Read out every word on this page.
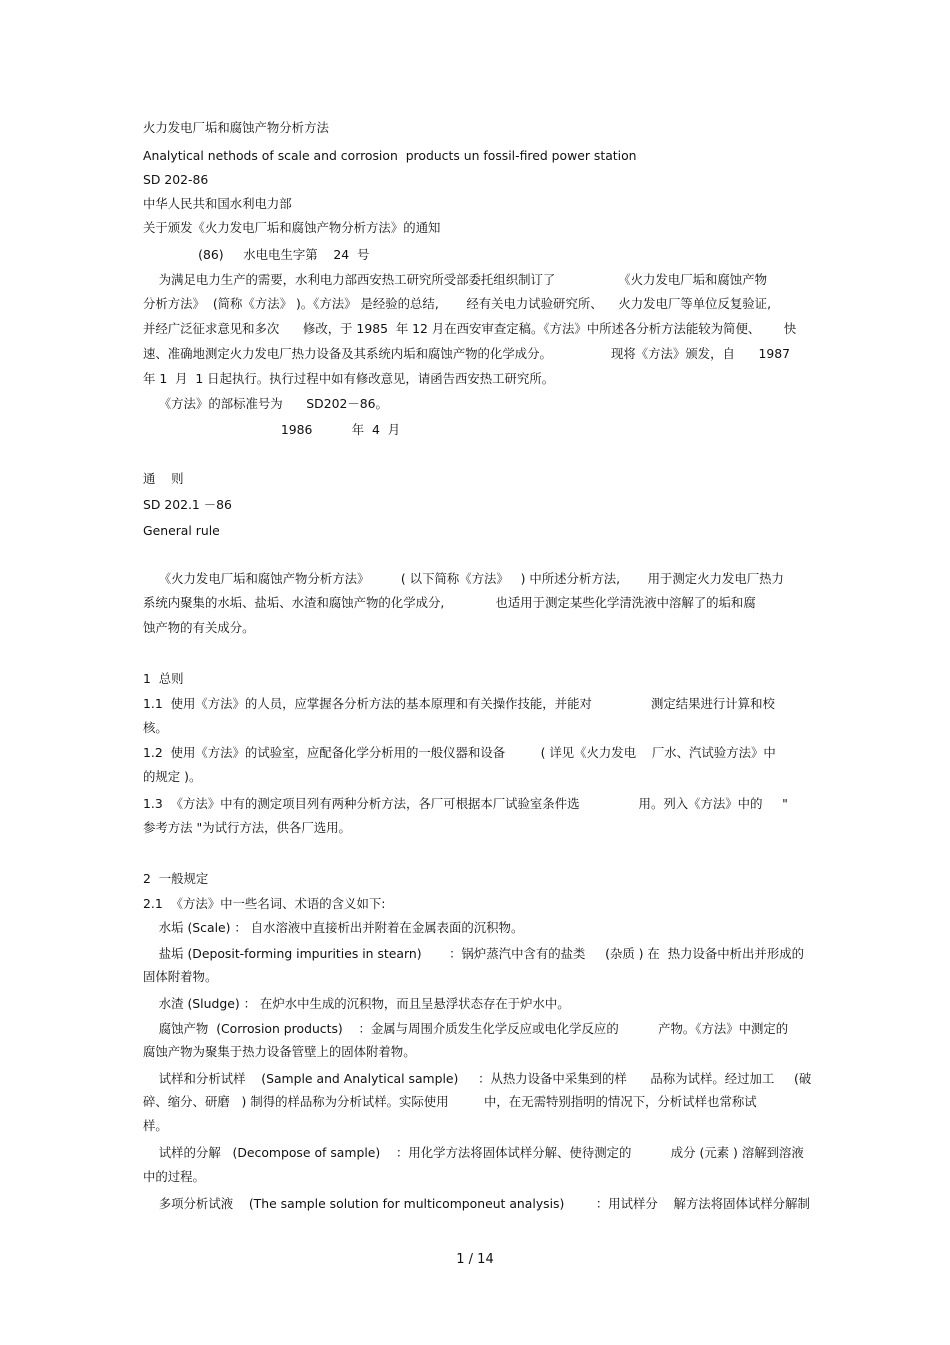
火力发电厂垢和腐蚀产物分析方法
Analytical nethods of scale and corrosion  products un fossil-fired power station
SD 202-86
中华人民共和国水利电力部
关于颁发《火力发电厂垢和腐蚀产物分析方法》的通知
(86)     水电电生字第    24  号
为满足电力生产的需要，水利电力部西安热工研究所受部委托组织制订了                《火力发电厂垢和腐蚀产物
分析方法》  (简称《方法》 )。《方法》 是经验的总结,       经有关电力试验研究所、    火力发电厂等单位反复验证,
并经广泛征求意见和多次      修改，于 1985  年 12 月在西安审查定稿。《方法》中所述各分析方法能较为简便、      快
速、准确地测定火力发电厂热力设备及其系统内垢和腐蚀产物的化学成分。               现将《方法》颁发，自      1987
年 1  月  1 日起执行。执行过程中如有修改意见，请函告西安热工研究所。
《方法》的部标准号为      SD202－86。
1986          年  4  月
通    则
SD 202.1 －86
General rule
《火力发电厂垢和腐蚀产物分析方法》        ( 以下简称《方法》   ) 中所述分析方法,       用于测定火力发电厂热力
系统内聚集的水垢、盐垢、水渣和腐蚀产物的化学成分,             也适用于测定某些化学清洗液中溶解了的垢和腐
蚀产物的有关成分。
1  总则
1.1  使用《方法》的人员，应掌握各分析方法的基本原理和有关操作技能，并能对               测定结果进行计算和校
核。
1.2  使用《方法》的试验室，应配备化学分析用的一般仪器和设备         ( 详见《火力发电    厂水、汽试验方法》中
的规定 )。
1.3  《方法》中有的测定项目列有两种分析方法，各厂可根据本厂试验室条件选               用。列入《方法》中的     "
参考方法 "为试行方法，供各厂选用。
2  一般规定
2.1  《方法》中一些名词、术语的含义如下:
水垢 (Scale) ： 自水溶液中直接析出并附着在金属表面的沉积物。
盐垢 (Deposit-forming impurities in stearn)       ：锅炉蒸汽中含有的盐类     (杂质 ) 在  热力设备中析出并形成的
固体附着物。
水渣 (Sludge) ： 在炉水中生成的沉积物，而且呈悬浮状态存在于炉水中。
腐蚀产物  (Corrosion products)    ：金属与周围介质发生化学反应或电化学反应的          产物。《方法》中测定的
腐蚀产物为聚集于热力设备管壁上的固体附着物。
试样和分析试样    (Sample and Analytical sample)     ：从热力设备中采集到的样      品称为试样。经过加工     (破
碎、缩分、研磨   ) 制得的样品称为分析试样。实际使用         中，在无需特别指明的情况下，分析试样也常称试
样。
试样的分解   (Decompose of sample)    ：用化学方法将固体试样分解、使待测定的          成分 (元素 ) 溶解到溶液
中的过程。
多项分析试液    (The sample solution for multicomponeut analysis)        ：用试样分    解方法将固体试样分解制
1 / 14
